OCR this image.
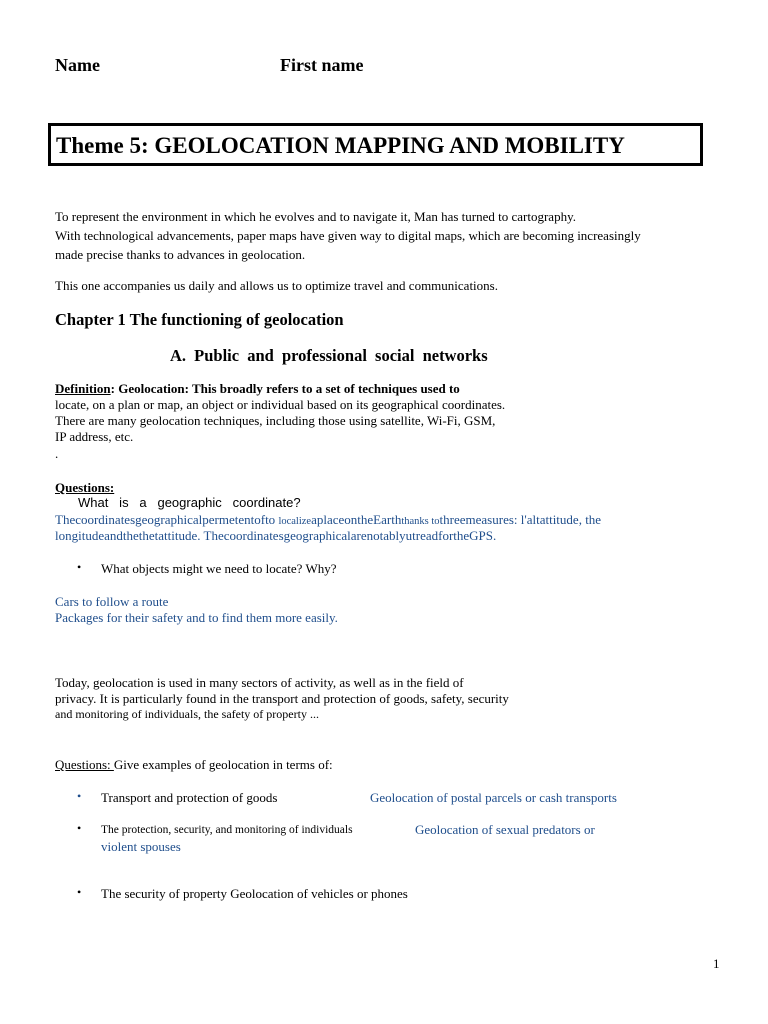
Name	First name
Theme 5: GEOLOCATION MAPPING AND MOBILITY
To represent the environment in which he evolves and to navigate it, Man has turned to cartography.
With technological advancements, paper maps have given way to digital maps, which are becoming increasingly
made precise thanks to advances in geolocation.
This one accompanies us daily and allows us to optimize travel and communications.
Chapter 1 The functioning of geolocation
A. Public and professional social networks
Definition: Geolocation: This broadly refers to a set of techniques used to
locate, on a plan or map, an object or individual based on its geographical coordinates.
There are many geolocation techniques, including those using satellite, Wi-Fi, GSM,
IP address, etc.
.
Questions:
What   is   a   geographic   coordinate?
Thecoordinatesgeographicalpermetentofto localizeaplaceontheEarththanks tothreemeasures: l'altattitude, the
longitudeandthethetattitude. ThecoordinatesgeographicalarenotablyutreadfortheGPS.
• What objects might we need to locate? Why?
Cars to follow a route
Packages for their safety and to find them more easily.
Today, geolocation is used in many sectors of activity, as well as in the field of
privacy. It is particularly found in the transport and protection of goods, safety, security
and monitoring of individuals, the safety of property ...
Questions: Give examples of geolocation in terms of:
• Transport and protection of goods	Geolocation of postal parcels or cash transports
• The protection, security, and monitoring of individuals	Geolocation of sexual predators or
violent spouses
• The security of property Geolocation of vehicles or phones
1
